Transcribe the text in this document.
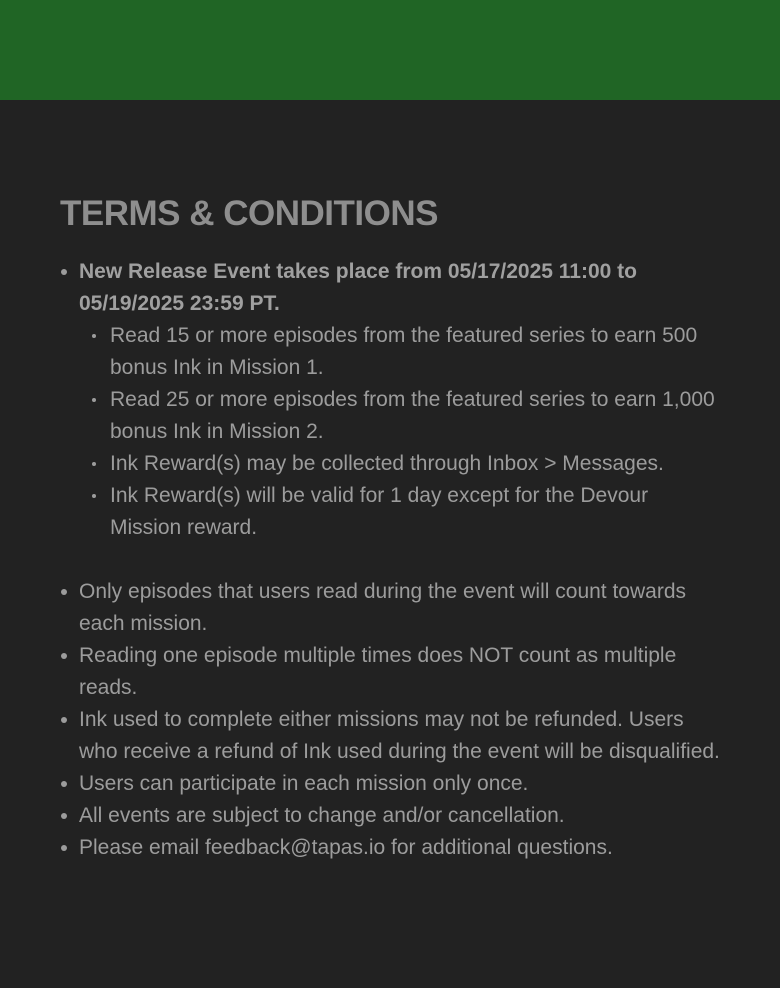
TERMS & CONDITIONS
New Release Event takes place from 05/17/2025 11:00 to 05/19/2025 23:59 PT.
Read 15 or more episodes from the featured series to earn 500 bonus Ink in Mission 1.
Read 25 or more episodes from the featured series to earn 1,000 bonus Ink in Mission 2.
Ink Reward(s) may be collected through Inbox > Messages.
Ink Reward(s) will be valid for 1 day except for the Devour Mission reward.
Only episodes that users read during the event will count towards each mission.
Reading one episode multiple times does NOT count as multiple reads.
Ink used to complete either missions may not be refunded. Users who receive a refund of Ink used during the event will be disqualified.
Users can participate in each mission only once.
All events are subject to change and/or cancellation.
Please email feedback@tapas.io for additional questions.
